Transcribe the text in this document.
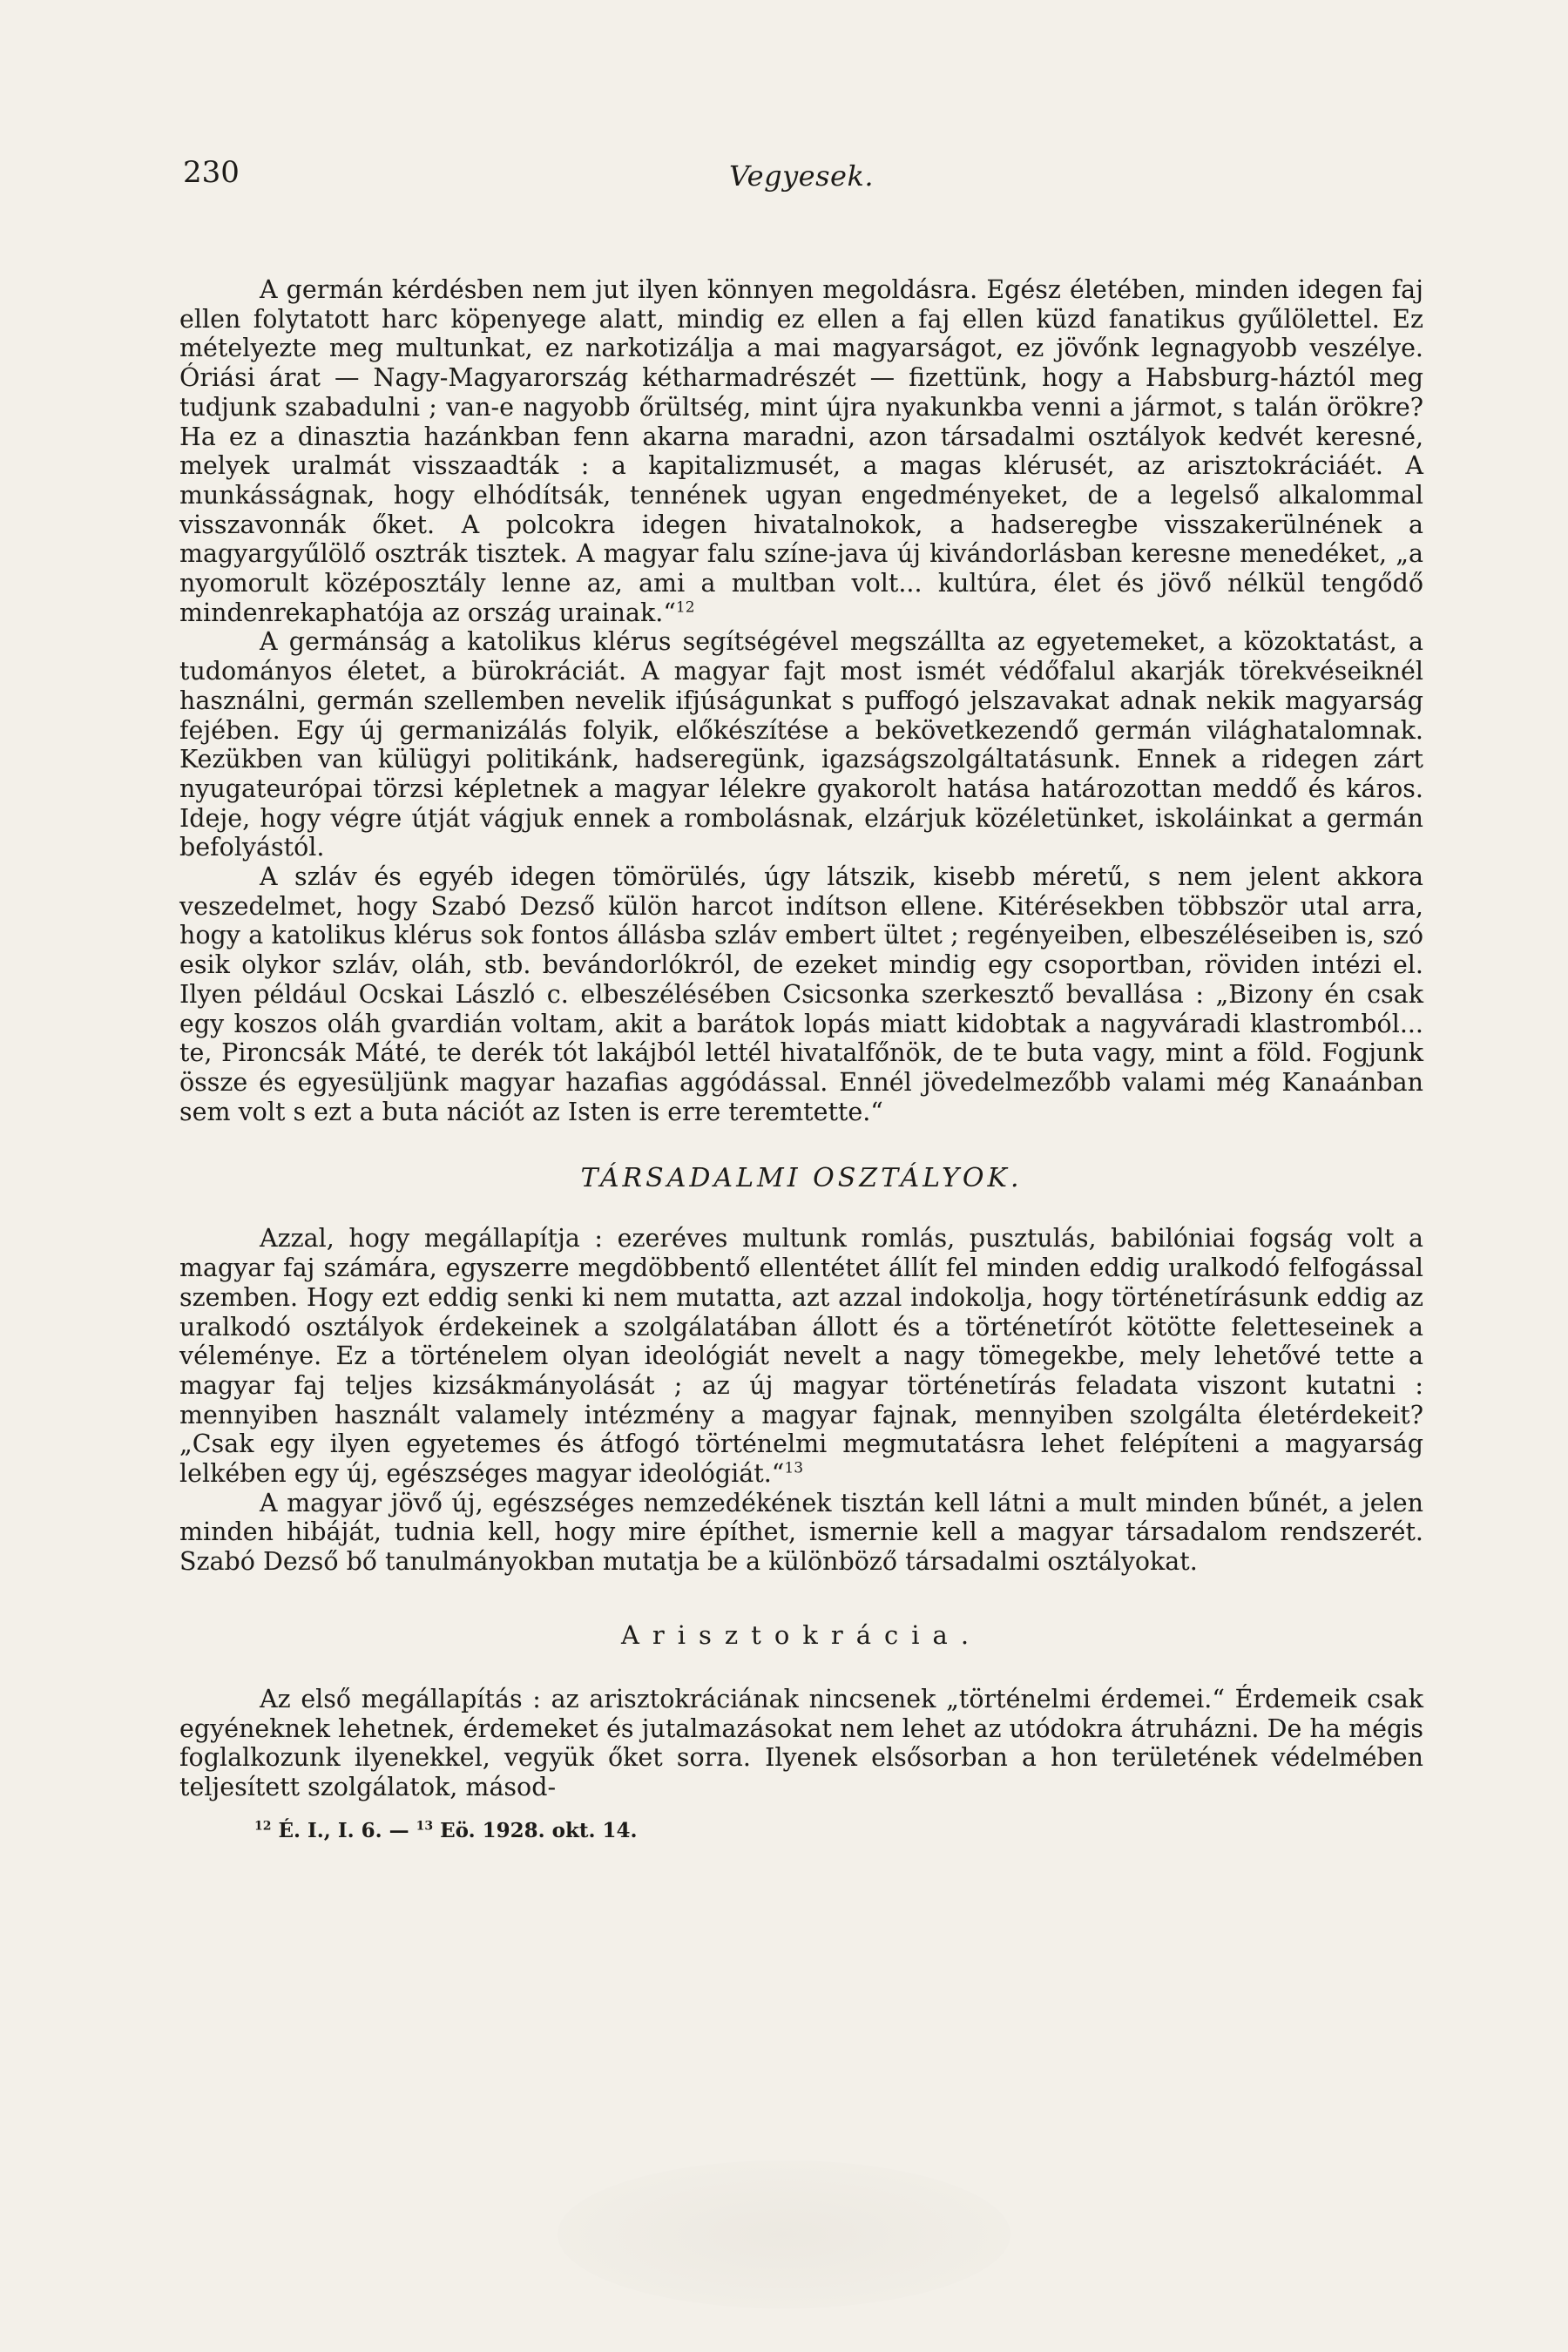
230	Vegyesek.

A germán kérdésben nem jut ilyen könnyen megoldásra. Egész életében, minden idegen faj ellen folytatott harc köpenyege alatt, mindig ez ellen a faj ellen küzd fanatikus gyűlölettel. Ez mételyezte meg multunkat, ez narkotizálja a mai magyarságot, ez jövőnk legnagyobb veszélye. Óriási árat — Nagy-Magyarország kétharmadrészét — fizettünk, hogy a Habsburg-háztól meg tudjunk szabadulni ; van-e nagyobb őrültség, mint újra nyakunkba venni a jármot, s talán örökre? Ha ez a dinasztia hazánkban fenn akarna maradni, azon társadalmi osztályok kedvét keresné, melyek uralmát visszaadták : a kapitalizmusét, a magas klérusét, az arisztokráciáét. A munkásságnak, hogy elhódítsák, tennének ugyan engedményeket, de a legelső alkalommal visszavonnák őket. A polcokra idegen hivatalnokok, a hadseregbe visszakerülnének a magyargyűlölő osztrák tisztek. A magyar falu színe-java új kivándorlásban keresne menedéket, „a nyomorult középosztály lenne az, ami a multban volt... kultúra, élet és jövő nélkül tengődő mindenrekaphatója az ország urainak.“$^{12}$

A germánság a katolikus klérus segítségével megszállta az egyetemeket, a közoktatást, a tudományos életet, a bürokráciát. A magyar fajt most ismét védőfalul akarják törekvéseiknél használni, germán szellemben nevelik ifjúságunkat s puffogó jelszavakat adnak nekik magyarság fejében. Egy új germanizálás folyik, előkészítése a bekövetkezendő germán világhatalomnak. Kezükben van külügyi politikánk, hadseregünk, igazságszolgáltatásunk. Ennek a ridegen zárt nyugateurópai törzsi képletnek a magyar lélekre gyakorolt hatása határozottan meddő és káros. Ideje, hogy végre útját vágjuk ennek a rombolásnak, elzárjuk közéletünket, iskoláinkat a germán befolyástól.

A szláv és egyéb idegen tömörülés, úgy látszik, kisebb méretű, s nem jelent akkora veszedelmet, hogy Szabó Dezső külön harcot indítson ellene. Kitérésekben többször utal arra, hogy a katolikus klérus sok fontos állásba szláv embert ültet ; regényeiben, elbeszéléseiben is, szó esik olykor szláv, oláh, stb. bevándorlókról, de ezeket mindig egy csoportban, röviden intézi el. Ilyen például Ocskai László c. elbeszélésében Csicsonka szerkesztő bevallása : „Bizony én csak egy koszos oláh gvardián voltam, akit a barátok lopás miatt kidobtak a nagyváradi klastromból... te, Pironcsák Máté, te derék tót lakájból lettél hivatalfőnök, de te buta vagy, mint a föld. Fogjunk össze és egyesüljünk magyar hazafias aggódással. Ennél jövedelmezőbb valami még Kanaánban sem volt s ezt a buta nációt az Isten is erre teremtette.“

TÁRSADALMI OSZTÁLYOK.

Azzal, hogy megállapítja : ezeréves multunk romlás, pusztulás, babilóniai fogság volt a magyar faj számára, egyszerre megdöbbentő ellentétet állít fel minden eddig uralkodó felfogással szemben. Hogy ezt eddig senki ki nem mutatta, azt azzal indokolja, hogy történetírásunk eddig az uralkodó osztályok érdekeinek a szolgálatában állott és a történetírót kötötte feletteseinek a véleménye. Ez a történelem olyan ideológiát nevelt a nagy tömegekbe, mely lehetővé tette a magyar faj teljes kizsákmányolását ; az új magyar történetírás feladata viszont kutatni : mennyiben használt valamely intézmény a magyar fajnak, mennyiben szolgálta életérdekeit? „Csak egy ilyen egyetemes és átfogó történelmi megmutatásra lehet felépíteni a magyarság lelkében egy új, egészséges magyar ideológiát.“$^{13}$

A magyar jövő új, egészséges nemzedékének tisztán kell látni a mult minden bűnét, a jelen minden hibáját, tudnia kell, hogy mire építhet, ismernie kell a magyar társadalom rendszerét. Szabó Dezső bő tanulmányokban mutatja be a különböző társadalmi osztályokat.

Arisztokrácia.

Az első megállapítás : az arisztokráciának nincsenek „történelmi érdemei.“ Érdemeik csak egyéneknek lehetnek, érdemeket és jutalmazásokat nem lehet az utódokra átruházni. De ha mégis foglalkozunk ilyenekkel, vegyük őket sorra. Ilyenek elsősorban a hon területének védelmében teljesített szolgálatok, másod-

$^{12}$ É. I., I. 6. — $^{13}$ Eö. 1928. okt. 14.
